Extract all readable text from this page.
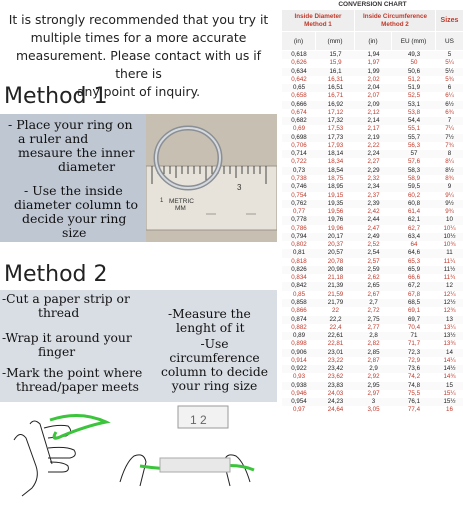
It is strongly recommended that you try it
multiple times for a more accurate
measurement. Please contact with us if there is
any point of inquiry.
Method 1
1
3
METRIC
MM
- Place your ring on
a ruler and
mesaure the inner
diameter
- Use the inside
diameter column to
decide your ring
size
Method 2
-Cut a paper strip or
thread
-Wrap it around your
finger
-Mark the point where
thread/paper meets
-Measure the
lenght of it
-Use
circumference
column to decide
your ring size
1 2
CONVERSION CHART
Inside Diameter
Method 1
Inside Circumference
Method 2
Sizes
(in)	(mm)	(in)	EU (mm)	US
0,618	15,7	1,94	49,3	5
0,626	15,9	1,97	50	5¼
0,634	16,1	1,99	50,6	5½
0,642	16,31	2,02	51,2	5¾
0,65	16,51	2,04	51,9	6
0,658	16,71	2,07	52,5	6¼
0,666	16,92	2,09	53,1	6½
0,674	17,12	2,12	53,8	6¾
0,682	17,32	2,14	54,4	7
0,69	17,53	2,17	55,1	7¼
0,698	17,73	2,19	55,7	7½
0,706	17,93	2,22	56,3	7¾
0,714	18,14	2,24	57	8
0,722	18,34	2,27	57,6	8¼
0,73	18,54	2,29	58,3	8½
0,738	18,75	2,32	58,9	8¾
0,746	18,95	2,34	59,5	9
0,754	19,15	2,37	60,2	9¼
0,762	19,35	2,39	60,8	9½
0,77	19,56	2,42	61,4	9¾
0,778	19,76	2,44	62,1	10
0,786	19,96	2,47	62,7	10¼
0,794	20,17	2,49	63,4	10½
0,802	20,37	2,52	64	10¾
0,81	20,57	2,54	64,6	11
0,818	20,78	2,57	65,3	11¼
0,826	20,98	2,59	65,9	11½
0,834	21,18	2,62	66,6	11¾
0,842	21,39	2,65	67,2	12
0,85	21,59	2,67	67,8	12¼
0,858	21,79	2,7	68,5	12½
0,866	22	2,72	69,1	12¾
0,874	22,2	2,75	69,7	13
0,882	22,4	2,77	70,4	13¼
0,89	22,61	2,8	71	13½
0,898	22,81	2,82	71,7	13¾
0,906	23,01	2,85	72,3	14
0,914	23,22	2,87	72,9	14¼
0,922	23,42	2,9	73,6	14½
0,93	23,62	2,92	74,2	14¾
0,938	23,83	2,95	74,8	15
0,946	24,03	2,97	75,5	15¼
0,954	24,23	3	76,1	15½
0,97	24,64	3,05	77,4	16
